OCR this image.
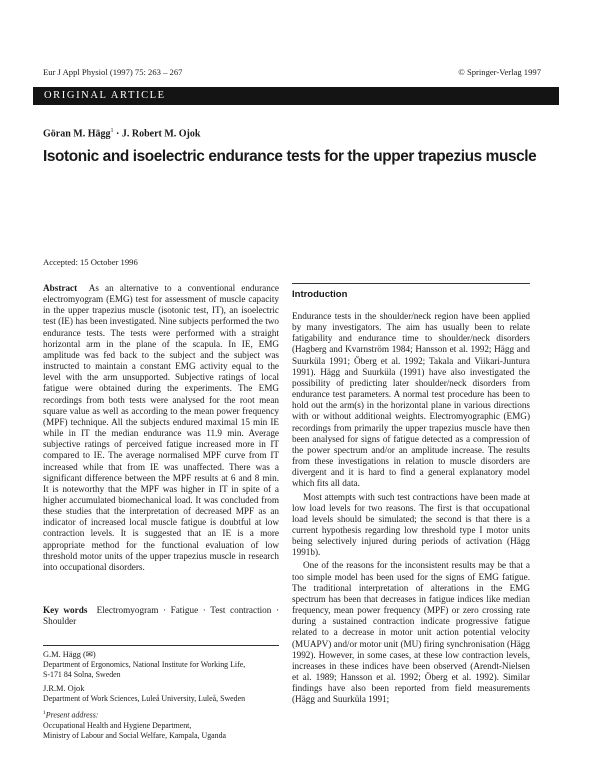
Eur J Appl Physiol (1997) 75: 263 – 267	© Springer-Verlag 1997
ORIGINAL ARTICLE
Göran M. Hägg$^1$ · J. Robert M. Ojok
Isotonic and isoelectric endurance tests for the upper trapezius muscle
Accepted: 15 October 1996
Abstract As an alternative to a conventional endurance electromyogram (EMG) test for assessment of muscle capacity in the upper trapezius muscle (isotonic test, IT), an isoelectric test (IE) has been investigated. Nine subjects performed the two endurance tests. The tests were performed with a straight horizontal arm in the plane of the scapula. In IE, EMG amplitude was fed back to the subject and the subject was instructed to maintain a constant EMG activity equal to the level with the arm unsupported. Subjective ratings of local fatigue were obtained during the experiments. The EMG recordings from both tests were analysed for the root mean square value as well as according to the mean power frequency (MPF) technique. All the subjects endured maximal 15 min IE while in IT the median endurance was 11.9 min. Average subjective ratings of perceived fatigue increased more in IT compared to IE. The average normalised MPF curve from IT increased while that from IE was unaffected. There was a significant difference between the MPF results at 6 and 8 min. It is noteworthy that the MPF was higher in IT in spite of a higher accumulated biomechanical load. It was concluded from these studies that the interpretation of decreased MPF as an indicator of increased local muscle fatigue is doubtful at low contraction levels. It is suggested that an IE is a more appropriate method for the functional evaluation of low threshold motor units of the upper trapezius muscle in research into occupational disorders.
Key words Electromyogram · Fatigue · Test contraction · Shoulder
G.M. Hägg (✉)
Department of Ergonomics, National Institute for Working Life,
S-171 84 Solna, Sweden
J.R.M. Ojok
Department of Work Sciences, Luleå University, Luleå, Sweden
$^1$Present address:
Occupational Health and Hygiene Department,
Ministry of Labour and Social Welfare, Kampala, Uganda
Introduction

Endurance tests in the shoulder/neck region have been applied by many investigators. The aim has usually been to relate fatigability and endurance time to shoulder/neck disorders (Hagberg and Kvarnström 1984; Hansson et al. 1992; Hägg and Suurküla 1991; Öberg et al. 1992; Takala and Viikari-Juntura 1991). Hägg and Suurküla (1991) have also investigated the possibility of predicting later shoulder/neck disorders from endurance test parameters. A normal test procedure has been to hold out the arm(s) in the horizontal plane in various directions with or without additional weights. Electromyographic (EMG) recordings from primarily the upper trapezius muscle have then been analysed for signs of fatigue detected as a compression of the power spectrum and/or an amplitude increase. The results from these investigations in relation to muscle disorders are divergent and it is hard to find a general explanatory model which fits all data.

Most attempts with such test contractions have been made at low load levels for two reasons. The first is that occupational load levels should be simulated; the second is that there is a current hypothesis regarding low threshold type I motor units being selectively injured during periods of activation (Hägg 1991b).

One of the reasons for the inconsistent results may be that a too simple model has been used for the signs of EMG fatigue. The traditional interpretation of alterations in the EMG spectrum has been that decreases in fatigue indices like median frequency, mean power frequency (MPF) or zero crossing rate during a sustained contraction indicate progressive fatigue related to a decrease in motor unit action potential velocity (MUAPV) and/or motor unit (MU) firing synchronisation (Hägg 1992). However, in some cases, at these low contraction levels, increases in these indices have been observed (Arendt-Nielsen et al. 1989; Hansson et al. 1992; Öberg et al. 1992). Similar findings have also been reported from field measurements (Hägg and Suurküla 1991;
